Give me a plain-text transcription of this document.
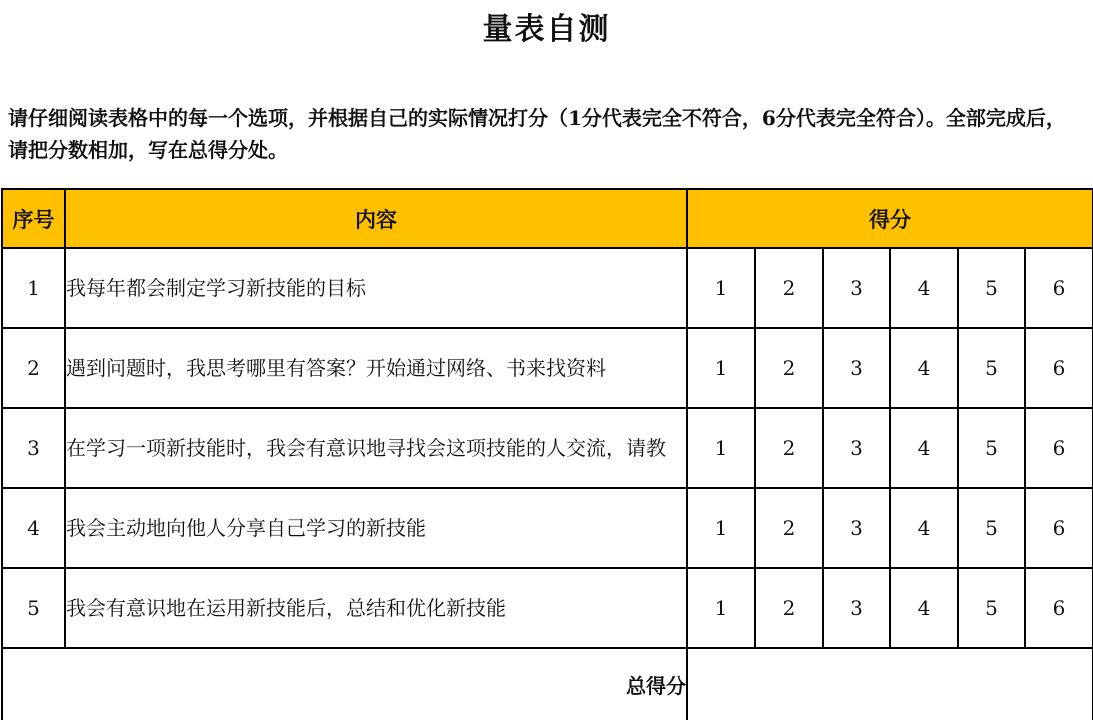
量表自测
请仔细阅读表格中的每一个选项，并根据自己的实际情况打分（1分代表完全不符合，6分代表完全符合）。全部完成后，请把分数相加，写在总得分处。
序号	内容	得分					
1	我每年都会制定学习新技能的目标	1	2	3	4	5	6
2	遇到问题时，我思考哪里有答案？开始通过网络、书来找资料	1	2	3	4	5	6
3	在学习一项新技能时，我会有意识地寻找会这项技能的人交流，请教	1	2	3	4	5	6
4	我会主动地向他人分享自己学习的新技能	1	2	3	4	5	6
5	我会有意识地在运用新技能后，总结和优化新技能	1	2	3	4	5	6
总得分							
